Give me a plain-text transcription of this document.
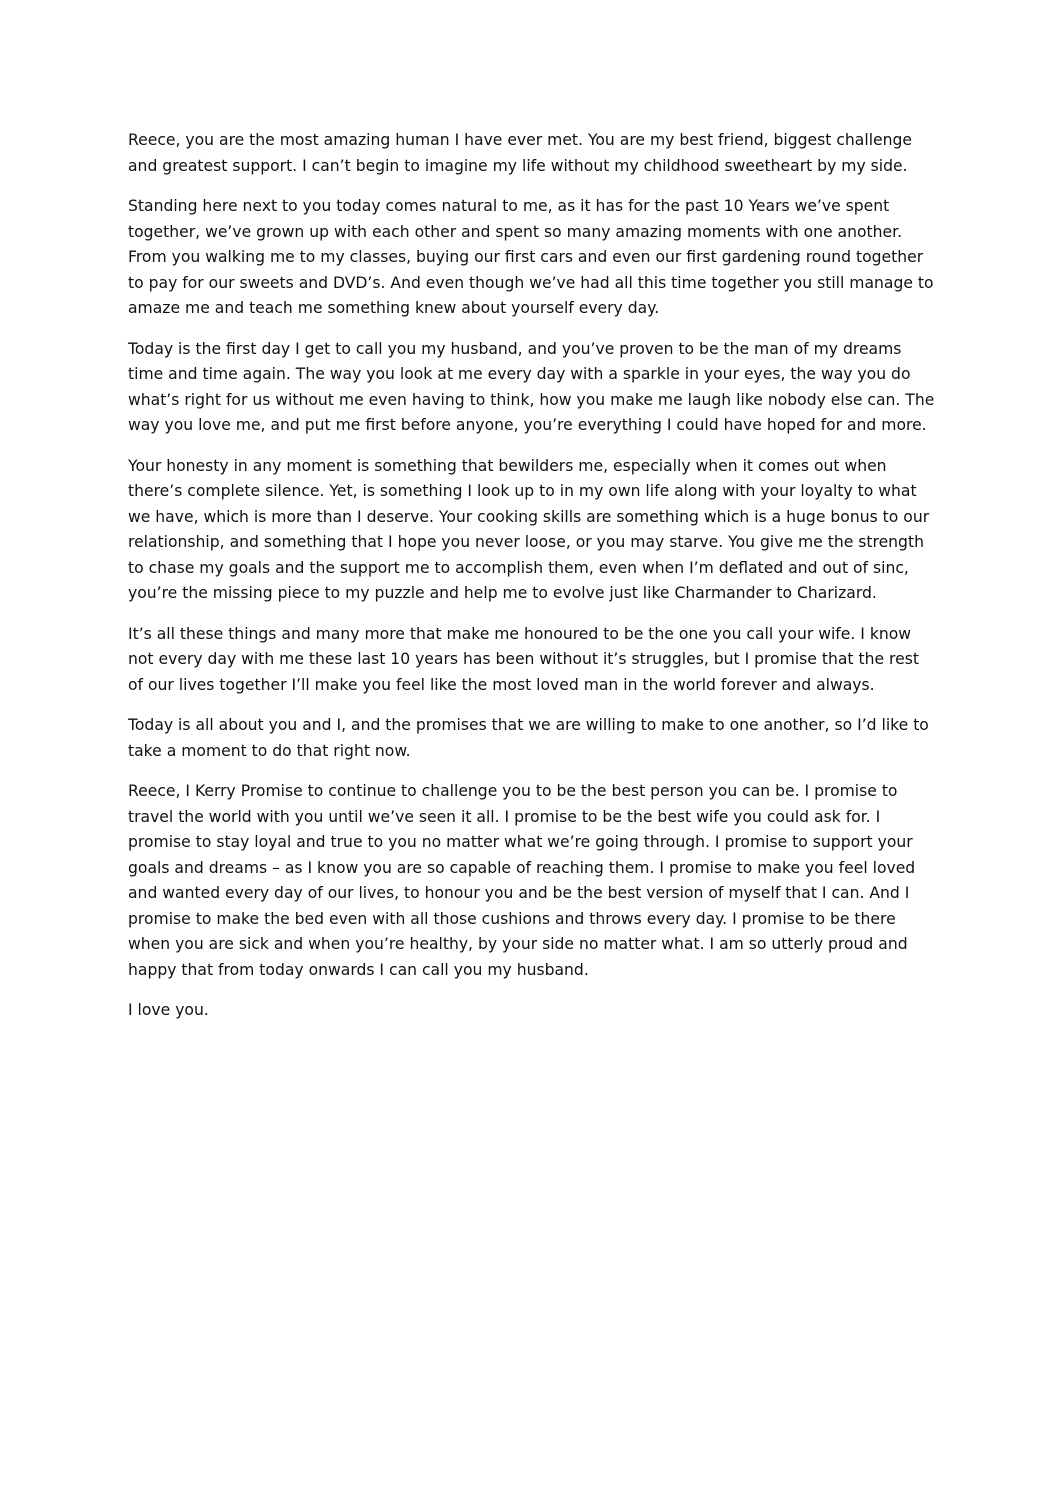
Reece, you are the most amazing human I have ever met. You are my best friend, biggest challenge and greatest support. I can’t begin to imagine my life without my childhood sweetheart by my side.

Standing here next to you today comes natural to me, as it has for the past 10 Years we’ve spent together, we’ve grown up with each other and spent so many amazing moments with one another. From you walking me to my classes, buying our first cars and even our first gardening round together to pay for our sweets and DVD’s. And even though we’ve had all this time together you still manage to amaze me and teach me something knew about yourself every day.

Today is the first day I get to call you my husband, and you’ve proven to be the man of my dreams time and time again. The way you look at me every day with a sparkle in your eyes, the way you do what’s right for us without me even having to think, how you make me laugh like nobody else can. The way you love me, and put me first before anyone, you’re everything I could have hoped for and more.

Your honesty in any moment is something that bewilders me, especially when it comes out when there’s complete silence. Yet, is something I look up to in my own life along with your loyalty to what we have, which is more than I deserve. Your cooking skills are something which is a huge bonus to our relationship, and something that I hope you never loose, or you may starve. You give me the strength to chase my goals and the support me to accomplish them, even when I’m deflated and out of sinc, you’re the missing piece to my puzzle and help me to evolve just like Charmander to Charizard.

It’s all these things and many more that make me honoured to be the one you call your wife. I know not every day with me these last 10 years has been without it’s struggles, but I promise that the rest of our lives together I’ll make you feel like the most loved man in the world forever and always.

Today is all about you and I, and the promises that we are willing to make to one another, so I’d like to take a moment to do that right now.

Reece, I Kerry Promise to continue to challenge you to be the best person you can be. I promise to travel the world with you until we’ve seen it all. I promise to be the best wife you could ask for. I promise to stay loyal and true to you no matter what we’re going through. I promise to support your goals and dreams – as I know you are so capable of reaching them. I promise to make you feel loved and wanted every day of our lives, to honour you and be the best version of myself that I can. And I promise to make the bed even with all those cushions and throws every day. I promise to be there when you are sick and when you’re healthy, by your side no matter what. I am so utterly proud and happy that from today onwards I can call you my husband.

I love you.
